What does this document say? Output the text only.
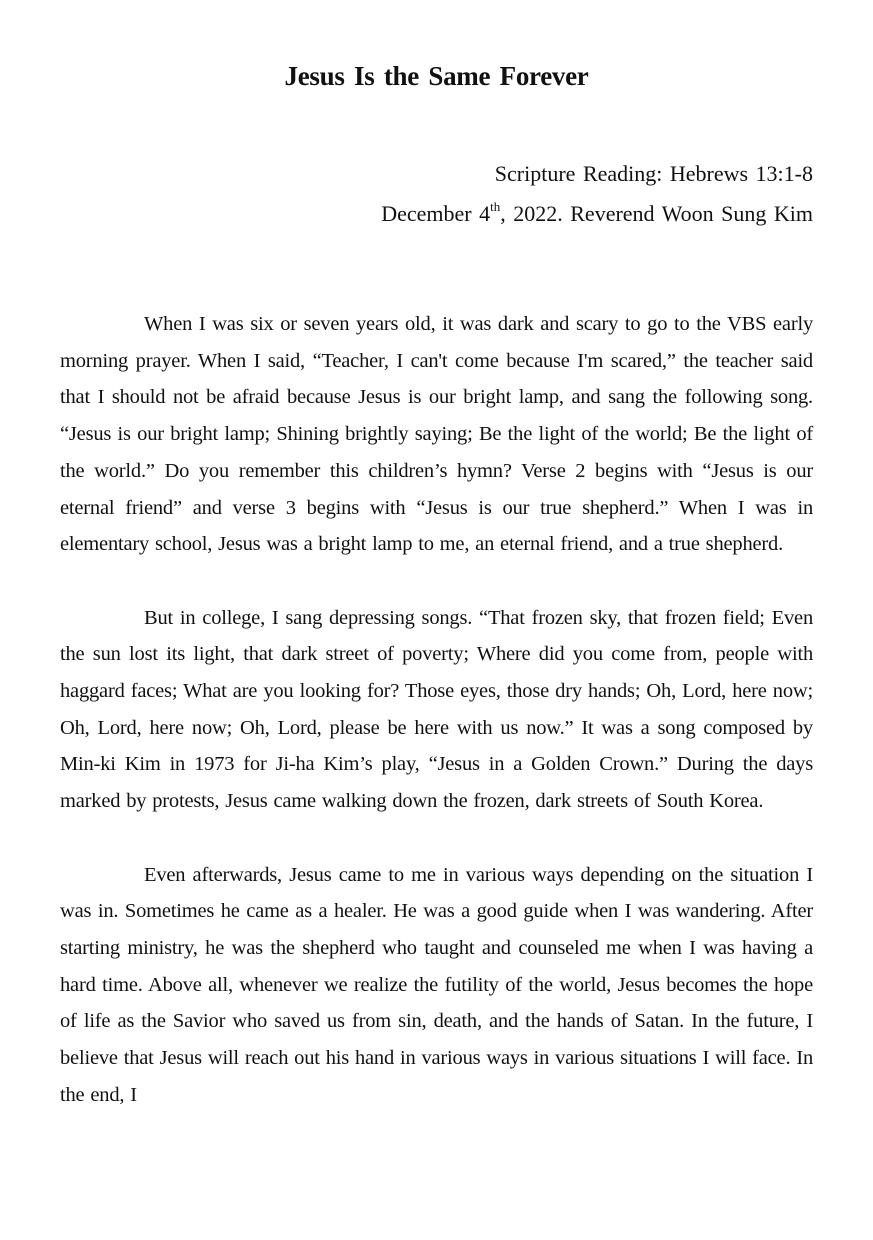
Jesus Is the Same Forever
Scripture Reading: Hebrews 13:1-8
December 4th, 2022. Reverend Woon Sung Kim

When I was six or seven years old, it was dark and scary to go to the VBS early morning prayer. When I said, “Teacher, I can't come because I'm scared,” the teacher said that I should not be afraid because Jesus is our bright lamp, and sang the following song. “Jesus is our bright lamp; Shining brightly saying; Be the light of the world; Be the light of the world.” Do you remember this children’s hymn? Verse 2 begins with “Jesus is our eternal friend” and verse 3 begins with “Jesus is our true shepherd.” When I was in elementary school, Jesus was a bright lamp to me, an eternal friend, and a true shepherd.

But in college, I sang depressing songs. “That frozen sky, that frozen field; Even the sun lost its light, that dark street of poverty; Where did you come from, people with haggard faces; What are you looking for? Those eyes, those dry hands; Oh, Lord, here now; Oh, Lord, here now; Oh, Lord, please be here with us now.” It was a song composed by Min-ki Kim in 1973 for Ji-ha Kim’s play, “Jesus in a Golden Crown.” During the days marked by protests, Jesus came walking down the frozen, dark streets of South Korea.

Even afterwards, Jesus came to me in various ways depending on the situation I was in. Sometimes he came as a healer. He was a good guide when I was wandering. After starting ministry, he was the shepherd who taught and counseled me when I was having a hard time. Above all, whenever we realize the futility of the world, Jesus becomes the hope of life as the Savior who saved us from sin, death, and the hands of Satan. In the future, I believe that Jesus will reach out his hand in various ways in various situations I will face. In the end, I
